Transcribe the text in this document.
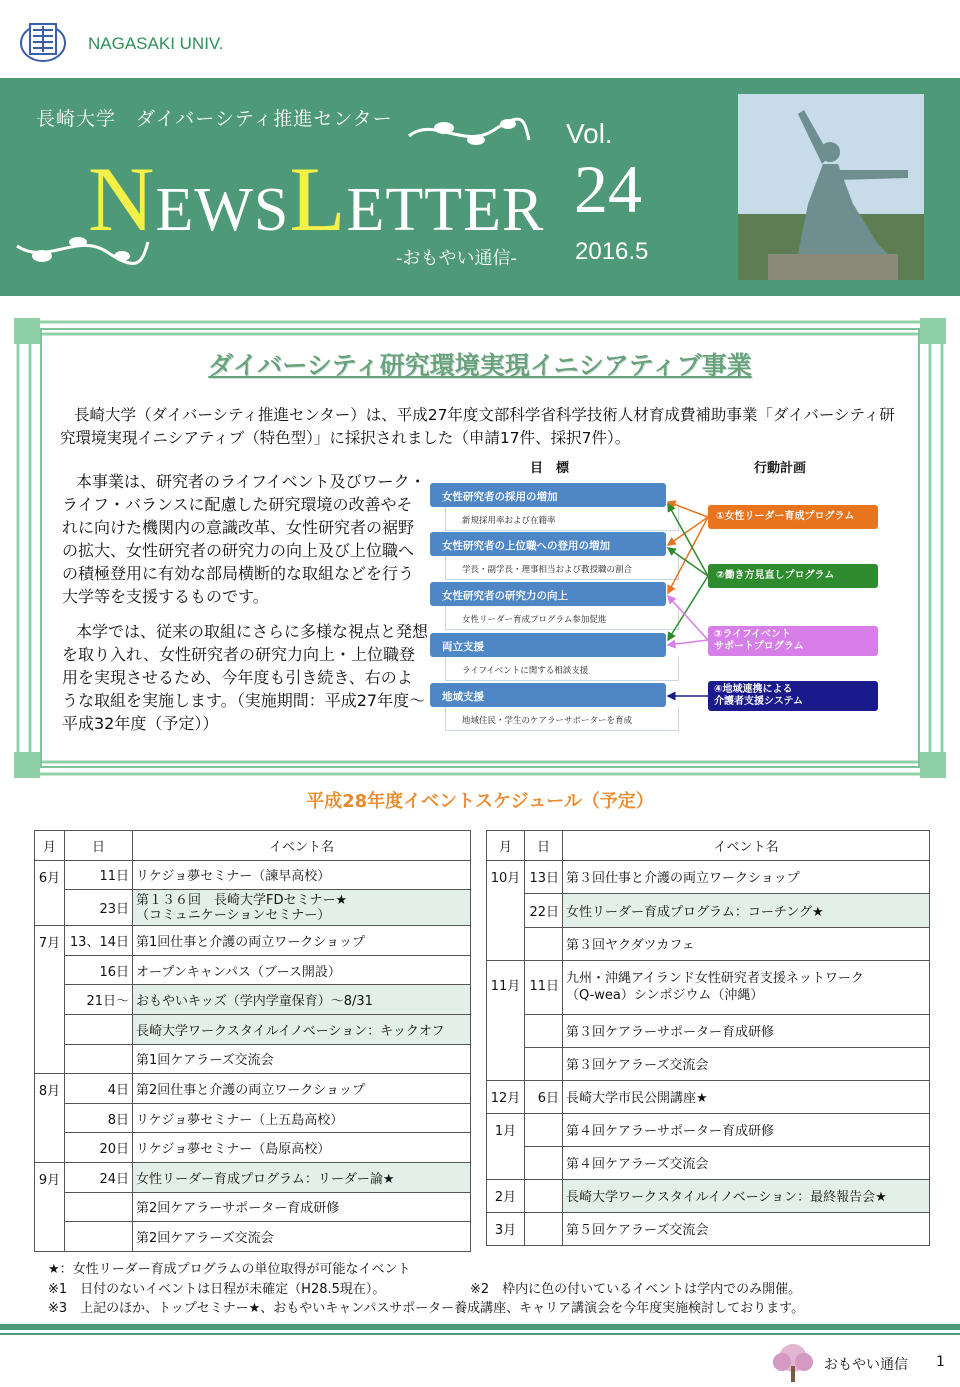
NAGASAKI UNIV.
長崎大学　ダイバーシティ推進センター
NEWSLETTER
-おもやい通信-
Vol.
24
2016.5
ダイバーシティ研究環境実現イニシアティブ事業
長崎大学（ダイバーシティ推進センター）は、平成27年度文部科学省科学技術人材育成費補助事業「ダイバーシティ研究環境実現イニシアティブ（特色型）」に採択されました（申請17件、採択7件）。
本事業は、研究者のライフイベント及びワーク・ライフ・バランスに配慮した研究環境の改善やそれに向けた機関内の意識改革、女性研究者の裾野の拡大、女性研究者の研究力の向上及び上位職への積極登用に有効な部局横断的な取組などを行う大学等を支援するものです。
本学では、従来の取組にさらに多様な視点と発想を取り入れ、女性研究者の研究力向上・上位職登用を実現させるため、今年度も引き続き、右のような取組を実施します。（実施期間：平成27年度～平成32年度（予定））
目　標	行動計画
女性研究者の採用の増加
新規採用率および在籍率
女性研究者の上位職への登用の増加
学長・副学長・理事相当および教授職の割合
女性研究者の研究力の向上
女性リーダー育成プログラム参加促進
両立支援
ライフイベントに関する相談支援
地域支援
地域住民・学生のケアラーサポーターを育成
①女性リーダー育成プログラム
②働き方見直しプログラム
③ライフイベント
サポートプログラム
④地域連携による
介護者支援システム
平成28年度イベントスケジュール（予定）
月	日	イベント名
6月	11日	リケジョ夢セミナー（諫早高校）
	23日	第１３６回　長崎大学FDセミナー★
（コミュニケーションセミナー）
7月	13、14日	第1回仕事と介護の両立ワークショップ
	16日	オープンキャンパス（ブース開設）
	21日～	おもやいキッズ（学内学童保育）～8/31
		長崎大学ワークスタイルイノベーション：キックオフ
		第1回ケアラーズ交流会
8月	4日	第2回仕事と介護の両立ワークショップ
	8日	リケジョ夢セミナー（上五島高校）
	20日	リケジョ夢セミナー（島原高校）
9月	24日	女性リーダー育成プログラム：リーダー論★
		第2回ケアラーサポーター育成研修
		第2回ケアラーズ交流会
月	日	イベント名
10月	13日	第３回仕事と介護の両立ワークショップ
	22日	女性リーダー育成プログラム：コーチング★
		第３回ヤクダツカフェ
11月	11日	九州・沖縄アイランド女性研究者支援ネットワーク
（Q-wea）シンポジウム（沖縄）
		第３回ケアラーサポーター育成研修
		第３回ケアラーズ交流会
12月	6日	長崎大学市民公開講座★
1月		第４回ケアラーサポーター育成研修
		第４回ケアラーズ交流会
2月		長崎大学ワークスタイルイノベーション：最終報告会★
3月		第５回ケアラーズ交流会
★：女性リーダー育成プログラムの単位取得が可能なイベント
※1　日付のないイベントは日程が未確定（H28.5現在）。	※2　枠内に色の付いているイベントは学内でのみ開催。
※3　上記のほか、トップセミナー★、おもやいキャンパスサポーター養成講座、キャリア講演会を今年度実施検討しております。
おもやい通信 1
